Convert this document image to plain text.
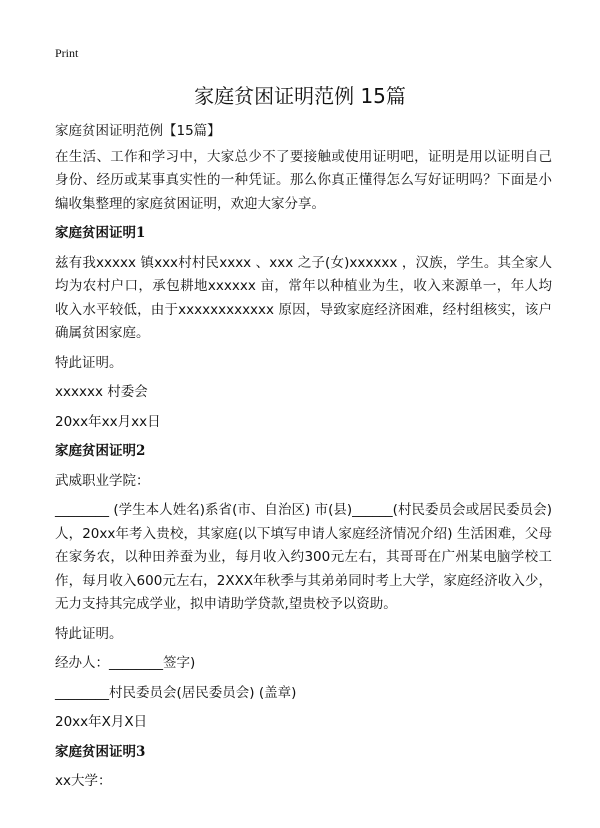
Print
家庭贫困证明范例 15篇

家庭贫困证明范例【15篇】

在生活、工作和学习中，大家总少不了要接触或使用证明吧，证明是用以证明自己身份、经历或某事真实性的一种凭证。那么你真正懂得怎么写好证明吗？下面是小编收集整理的家庭贫困证明，欢迎大家分享。

家庭贫困证明1

兹有我xxxxx 镇xxx村村民xxxx 、xxx 之子(女)xxxxxx ，汉族，学生。其全家人均为农村户口，承包耕地xxxxxx 亩，常年以种植业为生，收入来源单一，年人均收入水平较低，由于xxxxxxxxxxxx 原因，导致家庭经济困难，经村组核实，该户确属贫困家庭。

特此证明。

xxxxxx 村委会

20xx年xx月xx日

家庭贫困证明2

武威职业学院：

________ (学生本人姓名)系省(市、自治区) 市(县)______(村民委员会或居民委员会)人，20xx年考入贵校，其家庭(以下填写申请人家庭经济情况介绍) 生活困难，父母在家务农，以种田养蚕为业，每月收入约300元左右，其哥哥在广州某电脑学校工作，每月收入600元左右，2XXX年秋季与其弟弟同时考上大学，家庭经济收入少，无力支持其完成学业，拟申请助学贷款,望贵校予以资助。

特此证明。

经办人：________签字)

________村民委员会(居民委员会) (盖章)

20xx年X月X日

家庭贫困证明3

xx大学：
